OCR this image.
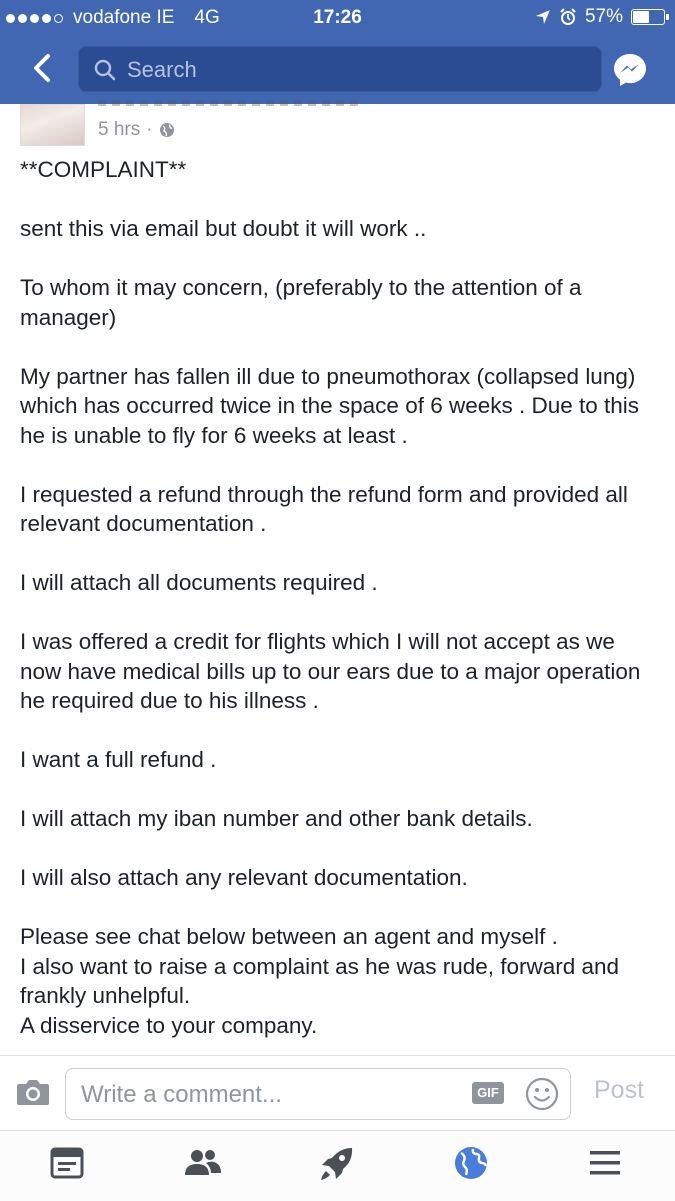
vodafone IE 4G	17:26	57%
Search
5 hrs ·

**COMPLAINT**

sent this via email but doubt it will work ..

To whom it may concern, (preferably to the attention of a manager)

My partner has fallen ill due to pneumothorax (collapsed lung) which has occurred twice in the space of 6 weeks . Due to this he is unable to fly for 6 weeks at least .

I requested a refund through the refund form and provided all relevant documentation .

I will attach all documents required .

I was offered a credit for flights which I will not accept as we now have medical bills up to our ears due to a major operation he required due to his illness .

I want a full refund .

I will attach my iban number and other bank details.

I will also attach any relevant documentation.

Please see chat below between an agent and myself .

I also want to raise a complaint as he was rude, forward and frankly unhelpful.

A disservice to your company.

Write a comment...
GIF	Post
